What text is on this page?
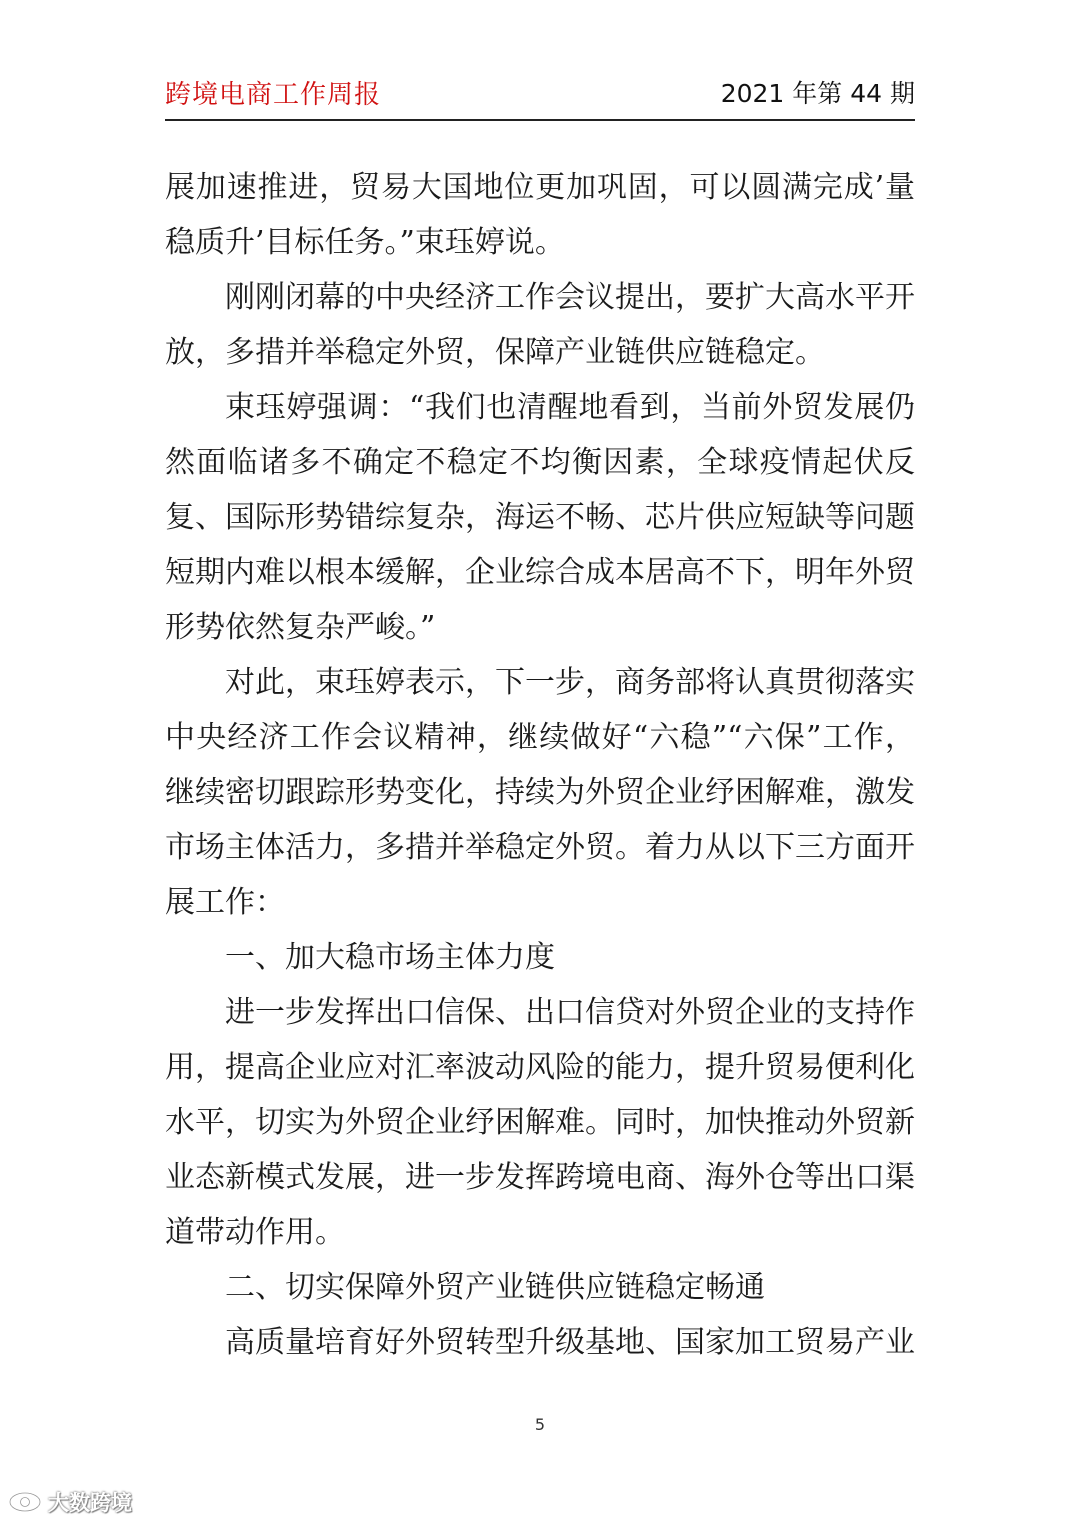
跨境电商工作周报	2021 年第 44 期
展加速推进，贸易大国地位更加巩固，可以圆满完成’量
稳质升’目标任务。”束珏婷说。
刚刚闭幕的中央经济工作会议提出，要扩大高水平开
放，多措并举稳定外贸，保障产业链供应链稳定。
束珏婷强调：“我们也清醒地看到，当前外贸发展仍
然面临诸多不确定不稳定不均衡因素，全球疫情起伏反
复、国际形势错综复杂，海运不畅、芯片供应短缺等问题
短期内难以根本缓解，企业综合成本居高不下，明年外贸
形势依然复杂严峻。”
对此，束珏婷表示，下一步，商务部将认真贯彻落实
中央经济工作会议精神，继续做好“六稳”“六保”工作，
继续密切跟踪形势变化，持续为外贸企业纾困解难，激发
市场主体活力，多措并举稳定外贸。着力从以下三方面开
展工作：
一、加大稳市场主体力度
进一步发挥出口信保、出口信贷对外贸企业的支持作
用，提高企业应对汇率波动风险的能力，提升贸易便利化
水平，切实为外贸企业纾困解难。同时，加快推动外贸新
业态新模式发展，进一步发挥跨境电商、海外仓等出口渠
道带动作用。
二、切实保障外贸产业链供应链稳定畅通
高质量培育好外贸转型升级基地、国家加工贸易产业
5
大数跨境
